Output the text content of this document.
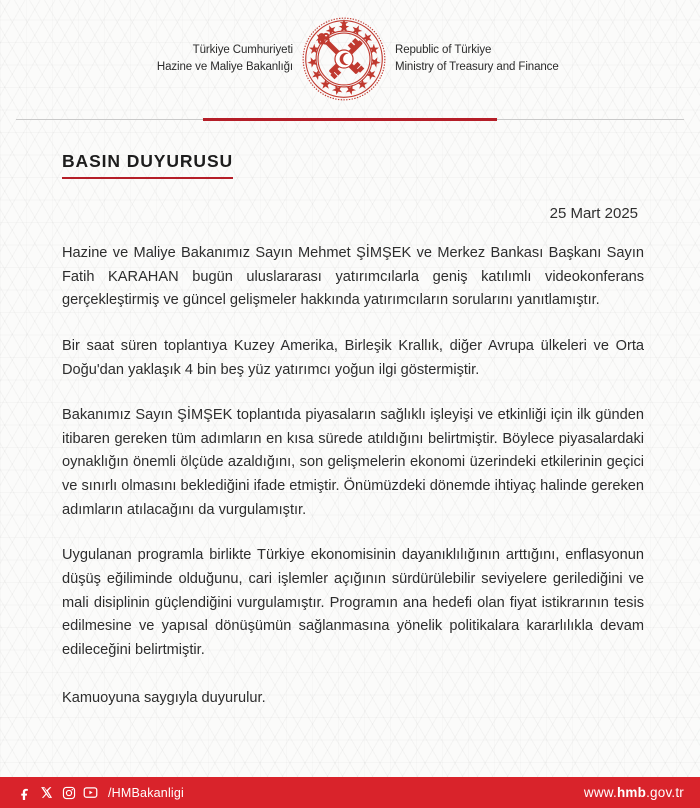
Türkiye Cumhuriyeti
Hazine ve Maliye Bakanlığı
Republic of Türkiye
Ministry of Treasury and Finance
BASIN DUYURUSU
25 Mart 2025

Hazine ve Maliye Bakanımız Sayın Mehmet ŞİMŞEK ve Merkez Bankası Başkanı Sayın Fatih KARAHAN bugün uluslararası yatırımcılarla geniş katılımlı videokonferans gerçekleştirmiş ve güncel gelişmeler hakkında yatırımcıların sorularını yanıtlamıştır.

Bir saat süren toplantıya Kuzey Amerika, Birleşik Krallık, diğer Avrupa ülkeleri ve Orta Doğu'dan yaklaşık 4 bin beş yüz yatırımcı yoğun ilgi göstermiştir.

Bakanımız Sayın ŞİMŞEK toplantıda piyasaların sağlıklı işleyişi ve etkinliği için ilk günden itibaren gereken tüm adımların en kısa sürede atıldığını belirtmiştir. Böylece piyasalardaki oynaklığın önemli ölçüde azaldığını, son gelişmelerin ekonomi üzerindeki etkilerinin geçici ve sınırlı olmasını beklediğini ifade etmiştir. Önümüzdeki dönemde ihtiyaç halinde gereken adımların atılacağını da vurgulamıştır.

Uygulanan programla birlikte Türkiye ekonomisinin dayanıklılığının arttığını, enflasyonun düşüş eğiliminde olduğunu, cari işlemler açığının sürdürülebilir seviyelere gerilediğini ve mali disiplinin güçlendiğini vurgulamıştır. Programın ana hedefi olan fiyat istikrarının tesis edilmesine ve yapısal dönüşümün sağlanmasına yönelik politikalara kararlılıkla devam edileceğini belirtmiştir.

Kamuoyuna saygıyla duyurulur.

/HMBakanligi	www.hmb.gov.tr
